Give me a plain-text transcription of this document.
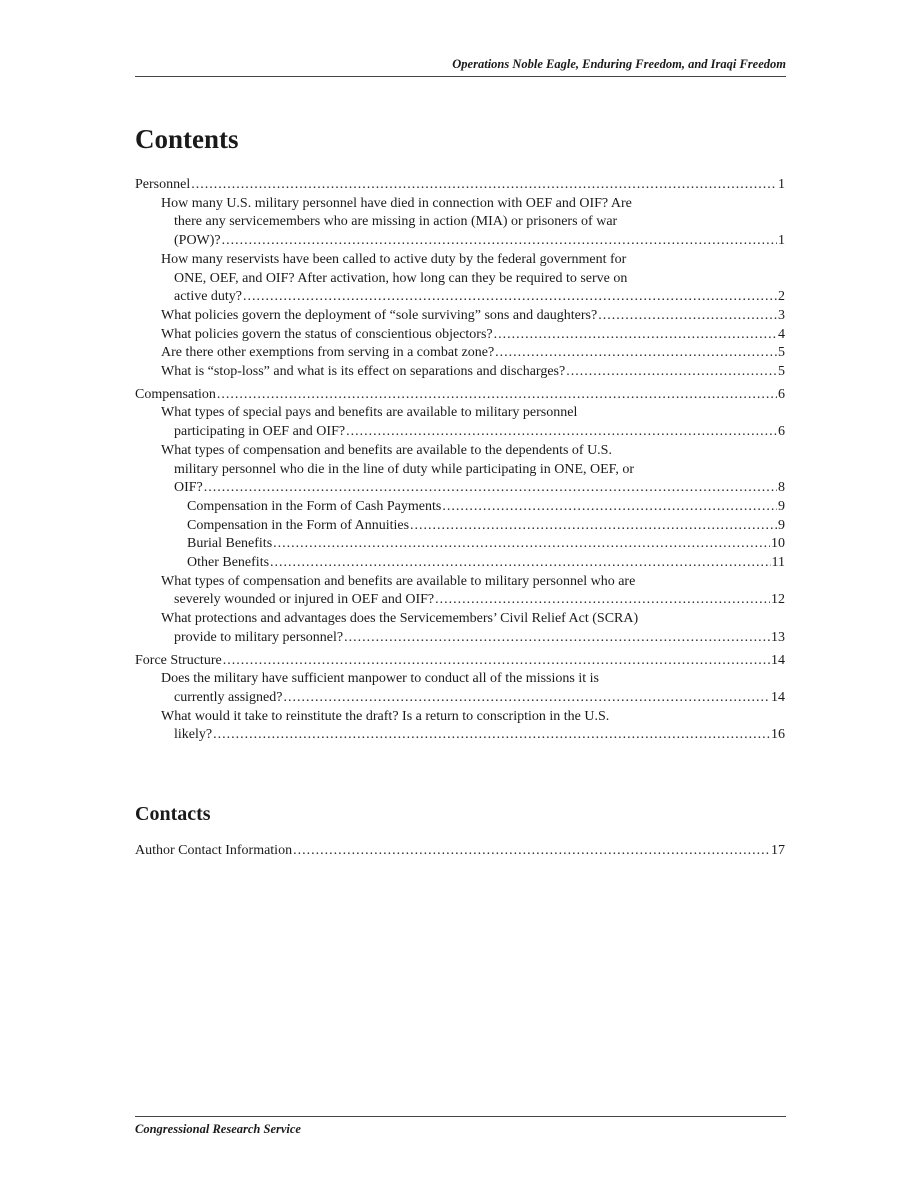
Operations Noble Eagle, Enduring Freedom, and Iraqi Freedom
Contents
Personnel .....	1
How many U.S. military personnel have died in connection with OEF and OIF? Are
there any servicemembers who are missing in action (MIA) or prisoners of war
(POW)? .....	1
How many reservists have been called to active duty by the federal government for
ONE, OEF, and OIF? After activation, how long can they be required to serve on
active duty? .....	2
What policies govern the deployment of “sole surviving” sons and daughters? .....	3
What policies govern the status of conscientious objectors? .....	4
Are there other exemptions from serving in a combat zone? .....	5
What is “stop-loss” and what is its effect on separations and discharges? .....	5
Compensation .....	6
What types of special pays and benefits are available to military personnel
participating in OEF and OIF? .....	6
What types of compensation and benefits are available to the dependents of U.S.
military personnel who die in the line of duty while participating in ONE, OEF, or
OIF? .....	8
Compensation in the Form of Cash Payments .....	9
Compensation in the Form of Annuities .....	9
Burial Benefits .....	10
Other Benefits .....	11
What types of compensation and benefits are available to military personnel who are
severely wounded or injured in OEF and OIF? .....	12
What protections and advantages does the Servicemembers’ Civil Relief Act (SCRA)
provide to military personnel? .....	13
Force Structure .....	14
Does the military have sufficient manpower to conduct all of the missions it is
currently assigned? .....	14
What would it take to reinstitute the draft? Is a return to conscription in the U.S.
likely? .....	16
Contacts
Author Contact Information .....	17
Congressional Research Service
